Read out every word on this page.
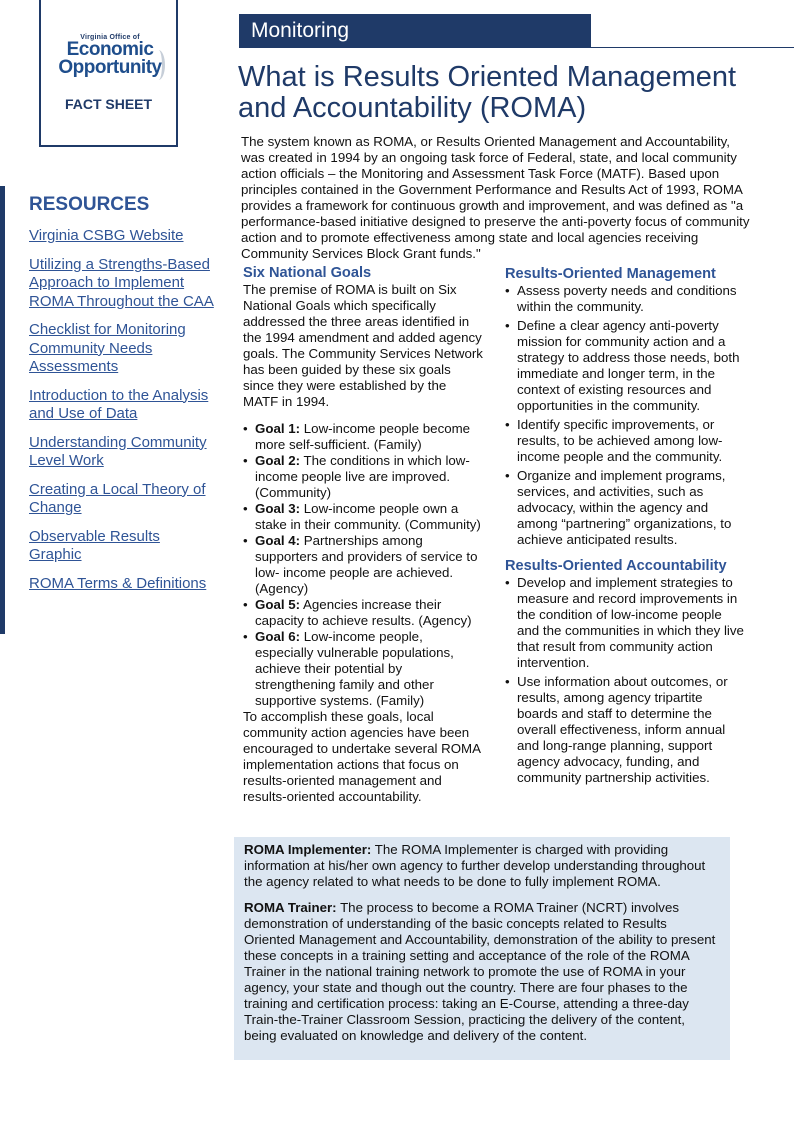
Virginia Office of
Economic
Opportunity
FACT SHEET
RESOURCES
Virginia CSBG Website
Utilizing a Strengths-Based Approach to Implement ROMA Throughout the CAA
Checklist for Monitoring Community Needs Assessments
Introduction to the Analysis and Use of Data
Understanding Community Level Work
Creating a Local Theory of Change
Observable Results Graphic
ROMA Terms & Definitions
Monitoring
What is Results Oriented Management and Accountability (ROMA)

The system known as ROMA, or Results Oriented Management and Accountability, was created in 1994 by an ongoing task force of Federal, state, and local community action officials – the Monitoring and Assessment Task Force (MATF). Based upon principles contained in the Government Performance and Results Act of 1993, ROMA provides a framework for continuous growth and improvement, and was defined as "a performance-based initiative designed to preserve the anti-poverty focus of community action and to promote effectiveness among state and local agencies receiving Community Services Block Grant funds."

Six National Goals

The premise of ROMA is built on Six National Goals which specifically addressed the three areas identified in the 1994 amendment and added agency goals. The Community Services Network has been guided by these six goals since they were established by the MATF in 1994.

• Goal 1: Low-income people become more self-sufficient. (Family)
• Goal 2: The conditions in which low-income people live are improved. (Community)
• Goal 3: Low-income people own a stake in their community. (Community)
• Goal 4: Partnerships among supporters and providers of service to low- income people are achieved. (Agency)
• Goal 5: Agencies increase their capacity to achieve results. (Agency)
• Goal 6: Low-income people, especially vulnerable populations, achieve their potential by strengthening family and other supportive systems. (Family)

To accomplish these goals, local community action agencies have been encouraged to undertake several ROMA implementation actions that focus on results-oriented management and results-oriented accountability.

Results-Oriented Management
• Assess poverty needs and conditions within the community.
• Define a clear agency anti-poverty mission for community action and a strategy to address those needs, both immediate and longer term, in the context of existing resources and opportunities in the community.
• Identify specific improvements, or results, to be achieved among low-income people and the community.
• Organize and implement programs, services, and activities, such as advocacy, within the agency and among “partnering” organizations, to achieve anticipated results.
Results-Oriented Accountability
• Develop and implement strategies to measure and record improvements in the condition of low-income people and the communities in which they live that result from community action intervention.
• Use information about outcomes, or results, among agency tripartite boards and staff to determine the overall effectiveness, inform annual and long-range planning, support agency advocacy, funding, and community partnership activities.

ROMA Implementer: The ROMA Implementer is charged with providing information at his/her own agency to further develop understanding throughout the agency related to what needs to be done to fully implement ROMA.

ROMA Trainer: The process to become a ROMA Trainer (NCRT) involves demonstration of understanding of the basic concepts related to Results Oriented Management and Accountability, demonstration of the ability to present these concepts in a training setting and acceptance of the role of the ROMA Trainer in the national training network to promote the use of ROMA in your agency, your state and though out the country. There are four phases to the training and certification process: taking an E-Course, attending a three-day Train-the-Trainer Classroom Session, practicing the delivery of the content, being evaluated on knowledge and delivery of the content.
